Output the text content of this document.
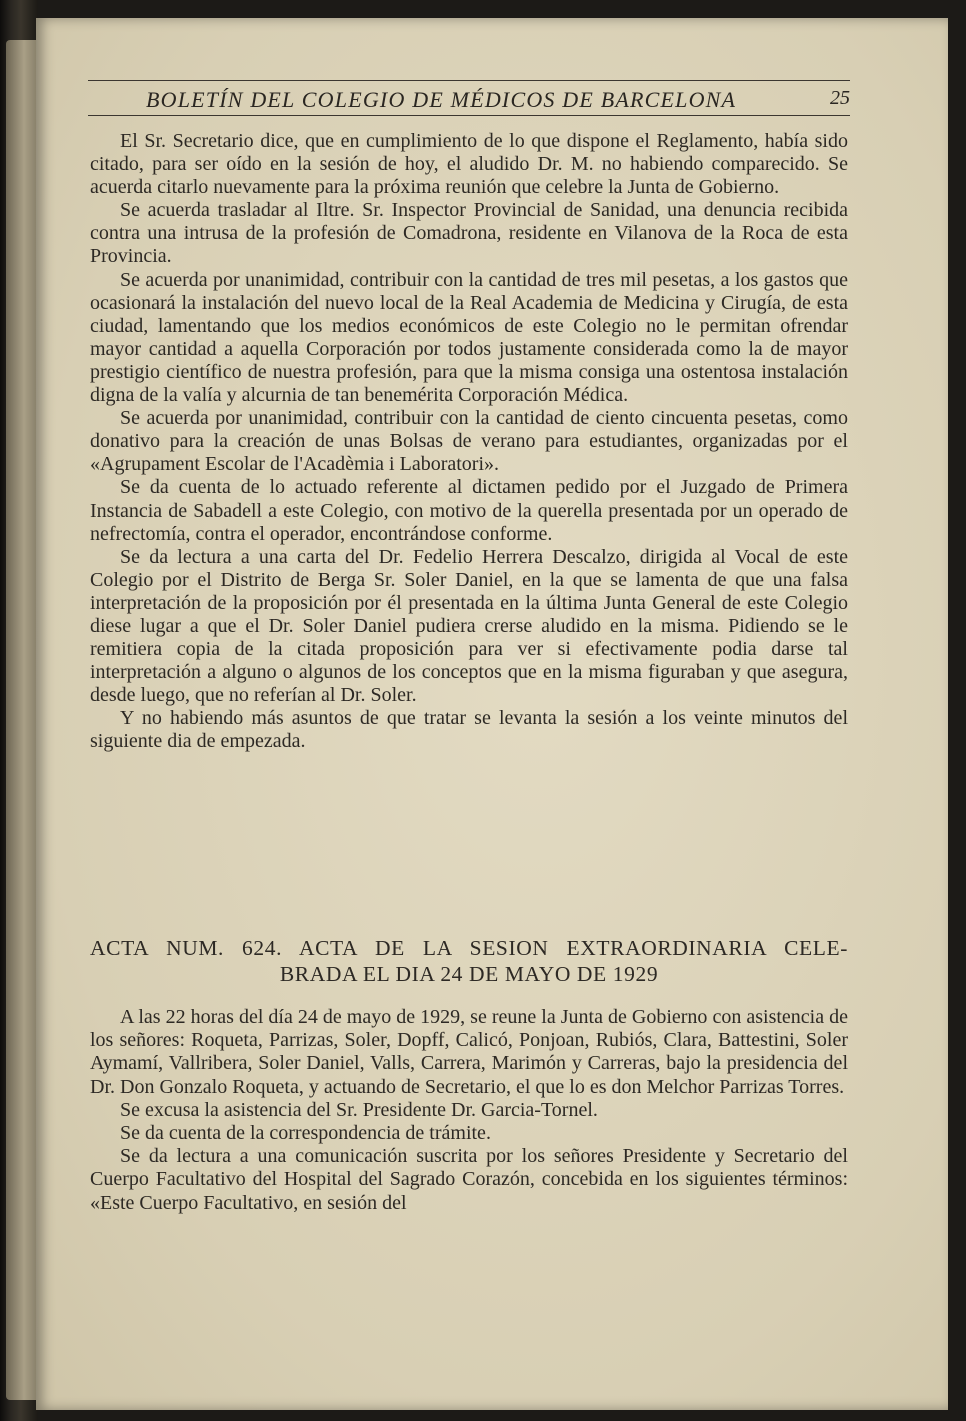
BOLETÍN DEL COLEGIO DE MÉDICOS DE BARCELONA	25

El Sr. Secretario dice, que en cumplimiento de lo que dispone el Reglamento, había sido citado, para ser oído en la sesión de hoy, el aludido Dr. M. no habiendo comparecido. Se acuerda citarlo nuevamente para la próxima reunión que celebre la Junta de Gobierno.

Se acuerda trasladar al Iltre. Sr. Inspector Provincial de Sanidad, una denuncia recibida contra una intrusa de la profesión de Comadrona, residente en Vilanova de la Roca de esta Provincia.

Se acuerda por unanimidad, contribuir con la cantidad de tres mil pesetas, a los gastos que ocasionará la instalación del nuevo local de la Real Academia de Medicina y Cirugía, de esta ciudad, lamentando que los medios económicos de este Colegio no le permitan ofrendar mayor cantidad a aquella Corporación por todos justamente considerada como la de mayor prestigio científico de nuestra profesión, para que la misma consiga una ostentosa instalación digna de la valía y alcurnia de tan benemérita Corporación Médica.

Se acuerda por unanimidad, contribuir con la cantidad de ciento cincuenta pesetas, como donativo para la creación de unas Bolsas de verano para estudiantes, organizadas por el «Agrupament Escolar de l'Acadèmia i Laboratori».

Se da cuenta de lo actuado referente al dictamen pedido por el Juzgado de Primera Instancia de Sabadell a este Colegio, con motivo de la querella presentada por un operado de nefrectomía, contra el operador, encontrándose conforme.

Se da lectura a una carta del Dr. Fedelio Herrera Descalzo, dirigida al Vocal de este Colegio por el Distrito de Berga Sr. Soler Daniel, en la que se lamenta de que una falsa interpretación de la proposición por él presentada en la última Junta General de este Colegio diese lugar a que el Dr. Soler Daniel pudiera crerse aludido en la misma. Pidiendo se le remitiera copia de la citada proposición para ver si efectivamente podia darse tal interpretación a alguno o algunos de los conceptos que en la misma figuraban y que asegura, desde luego, que no referían al Dr. Soler.

Y no habiendo más asuntos de que tratar se levanta la sesión a los veinte minutos del siguiente dia de empezada.

ACTA NUM. 624. ACTA DE LA SESION EXTRAORDINARIA CELE-
BRADA EL DIA 24 DE MAYO DE 1929

A las 22 horas del día 24 de mayo de 1929, se reune la Junta de Gobierno con asistencia de los señores: Roqueta, Parrizas, Soler, Dopff, Calicó, Ponjoan, Rubiós, Clara, Battestini, Soler Aymamí, Vallribera, Soler Daniel, Valls, Carrera, Marimón y Carreras, bajo la presidencia del Dr. Don Gonzalo Roqueta, y actuando de Secretario, el que lo es don Melchor Parrizas Torres.

Se excusa la asistencia del Sr. Presidente Dr. Garcia-Tornel.

Se da cuenta de la correspondencia de trámite.

Se da lectura a una comunicación suscrita por los señores Presidente y Secretario del Cuerpo Facultativo del Hospital del Sagrado Corazón, concebida en los siguientes términos: «Este Cuerpo Facultativo, en sesión del
